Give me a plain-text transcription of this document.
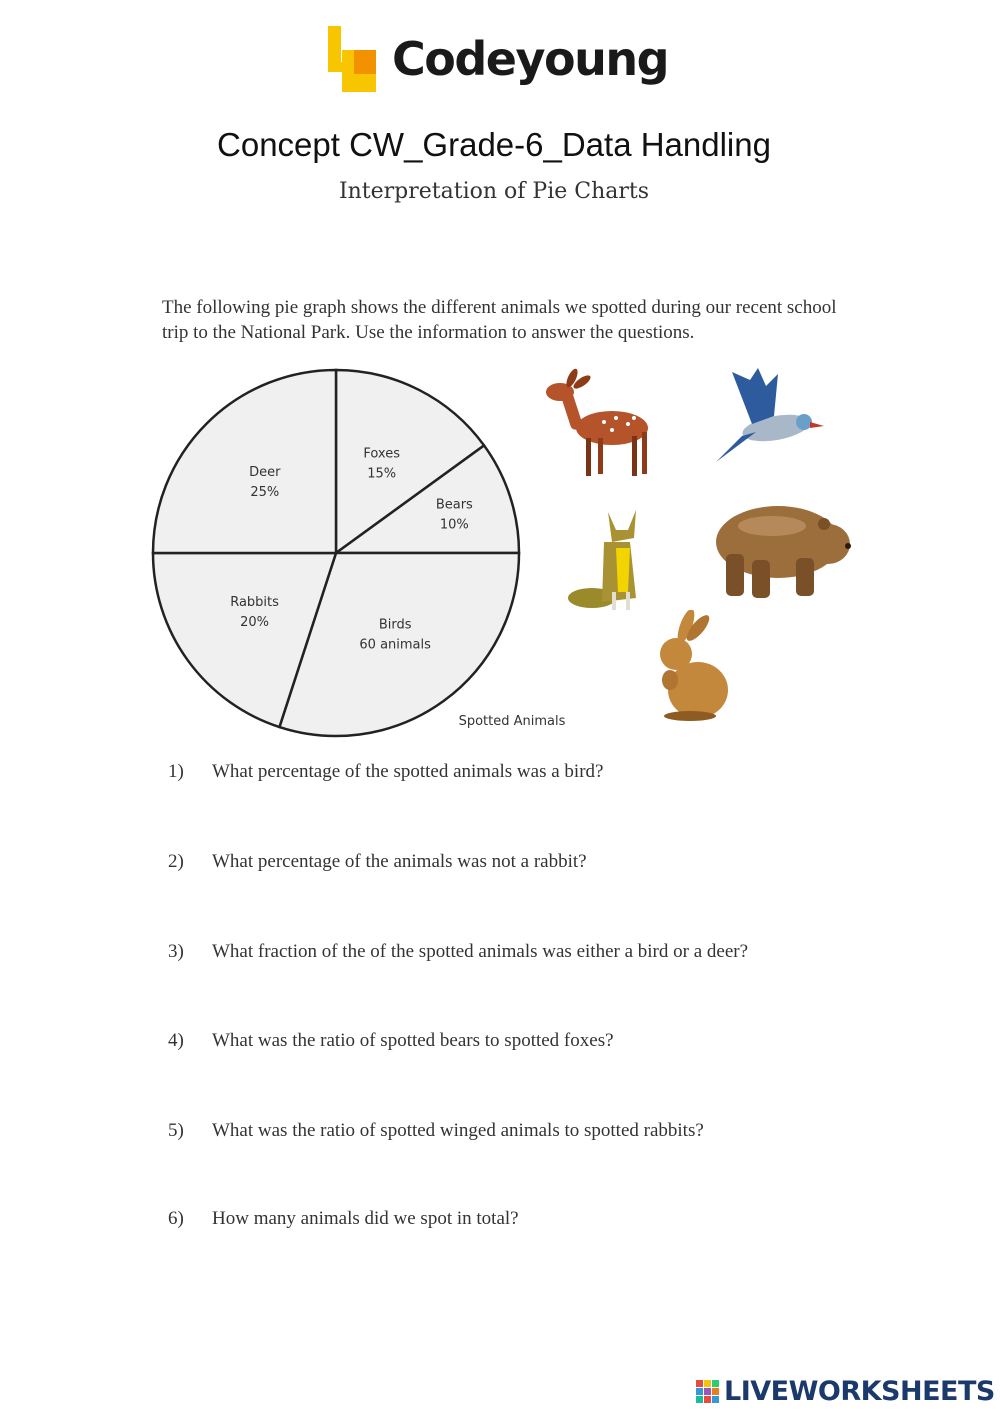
Codeyoung
Concept CW_Grade-6_Data Handling
Interpretation of Pie Charts
The following pie graph shows the different animals we spotted during our recent school trip to the National Park. Use the information to answer the questions.
Foxes
15%
Bears
10%
Birds
60 animals
Rabbits
20%
Deer
25%
Spotted Animals
1) What percentage of the spotted animals was a bird?
2) What percentage of the animals was not a rabbit?
3) What fraction of the of the spotted animals was either a bird or a deer?
4) What was the ratio of spotted bears to spotted foxes?
5) What was the ratio of spotted winged animals to spotted rabbits?
6) How many animals did we spot in total?
LIVEWORKSHEETS
